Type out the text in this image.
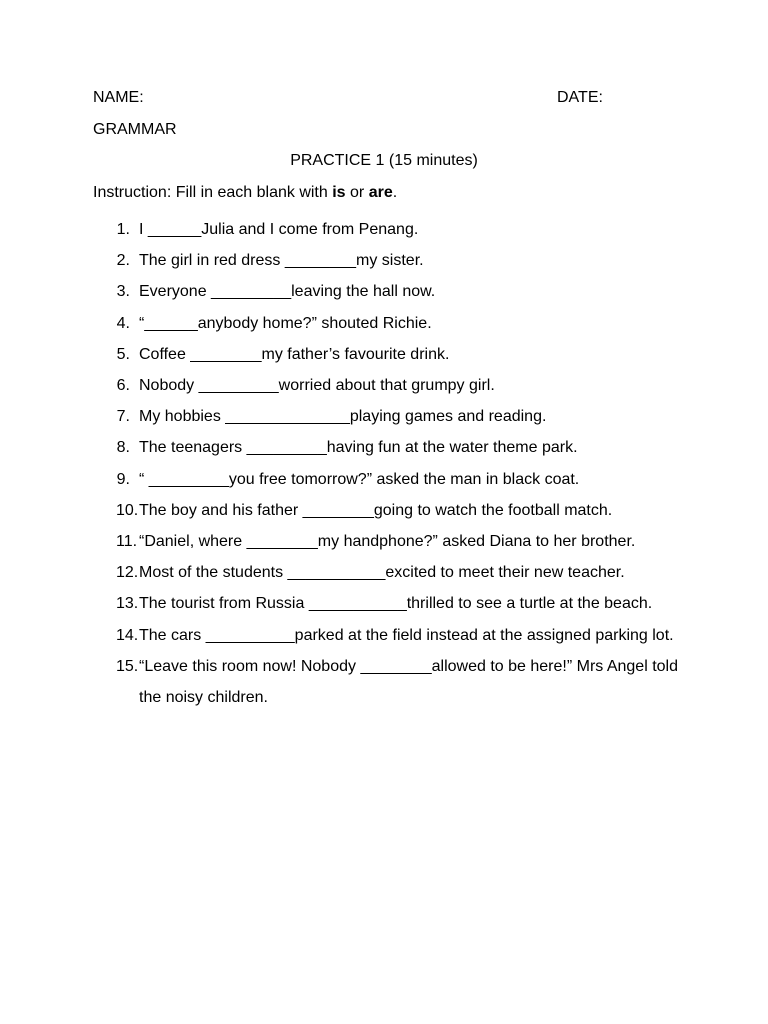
NAME:	DATE:
GRAMMAR
PRACTICE 1 (15 minutes)
Instruction: Fill in each blank with is or are.
1. I ______Julia and I come from Penang.
2. The girl in red dress ________my sister.
3. Everyone _________leaving the hall now.
4. “______anybody home?” shouted Richie.
5. Coffee ________my father’s favourite drink.
6. Nobody _________worried about that grumpy girl.
7. My hobbies ______________playing games and reading.
8. The teenagers _________having fun at the water theme park.
9. “ _________you free tomorrow?” asked the man in black coat.
10. The boy and his father ________going to watch the football match.
11. “Daniel, where ________my handphone?” asked Diana to her brother.
12. Most of the students ___________excited to meet their new teacher.
13. The tourist from Russia ___________thrilled to see a turtle at the beach.
14. The cars __________parked at the field instead at the assigned parking lot.
15. “Leave this room now! Nobody ________allowed to be here!” Mrs Angel told the noisy children.
